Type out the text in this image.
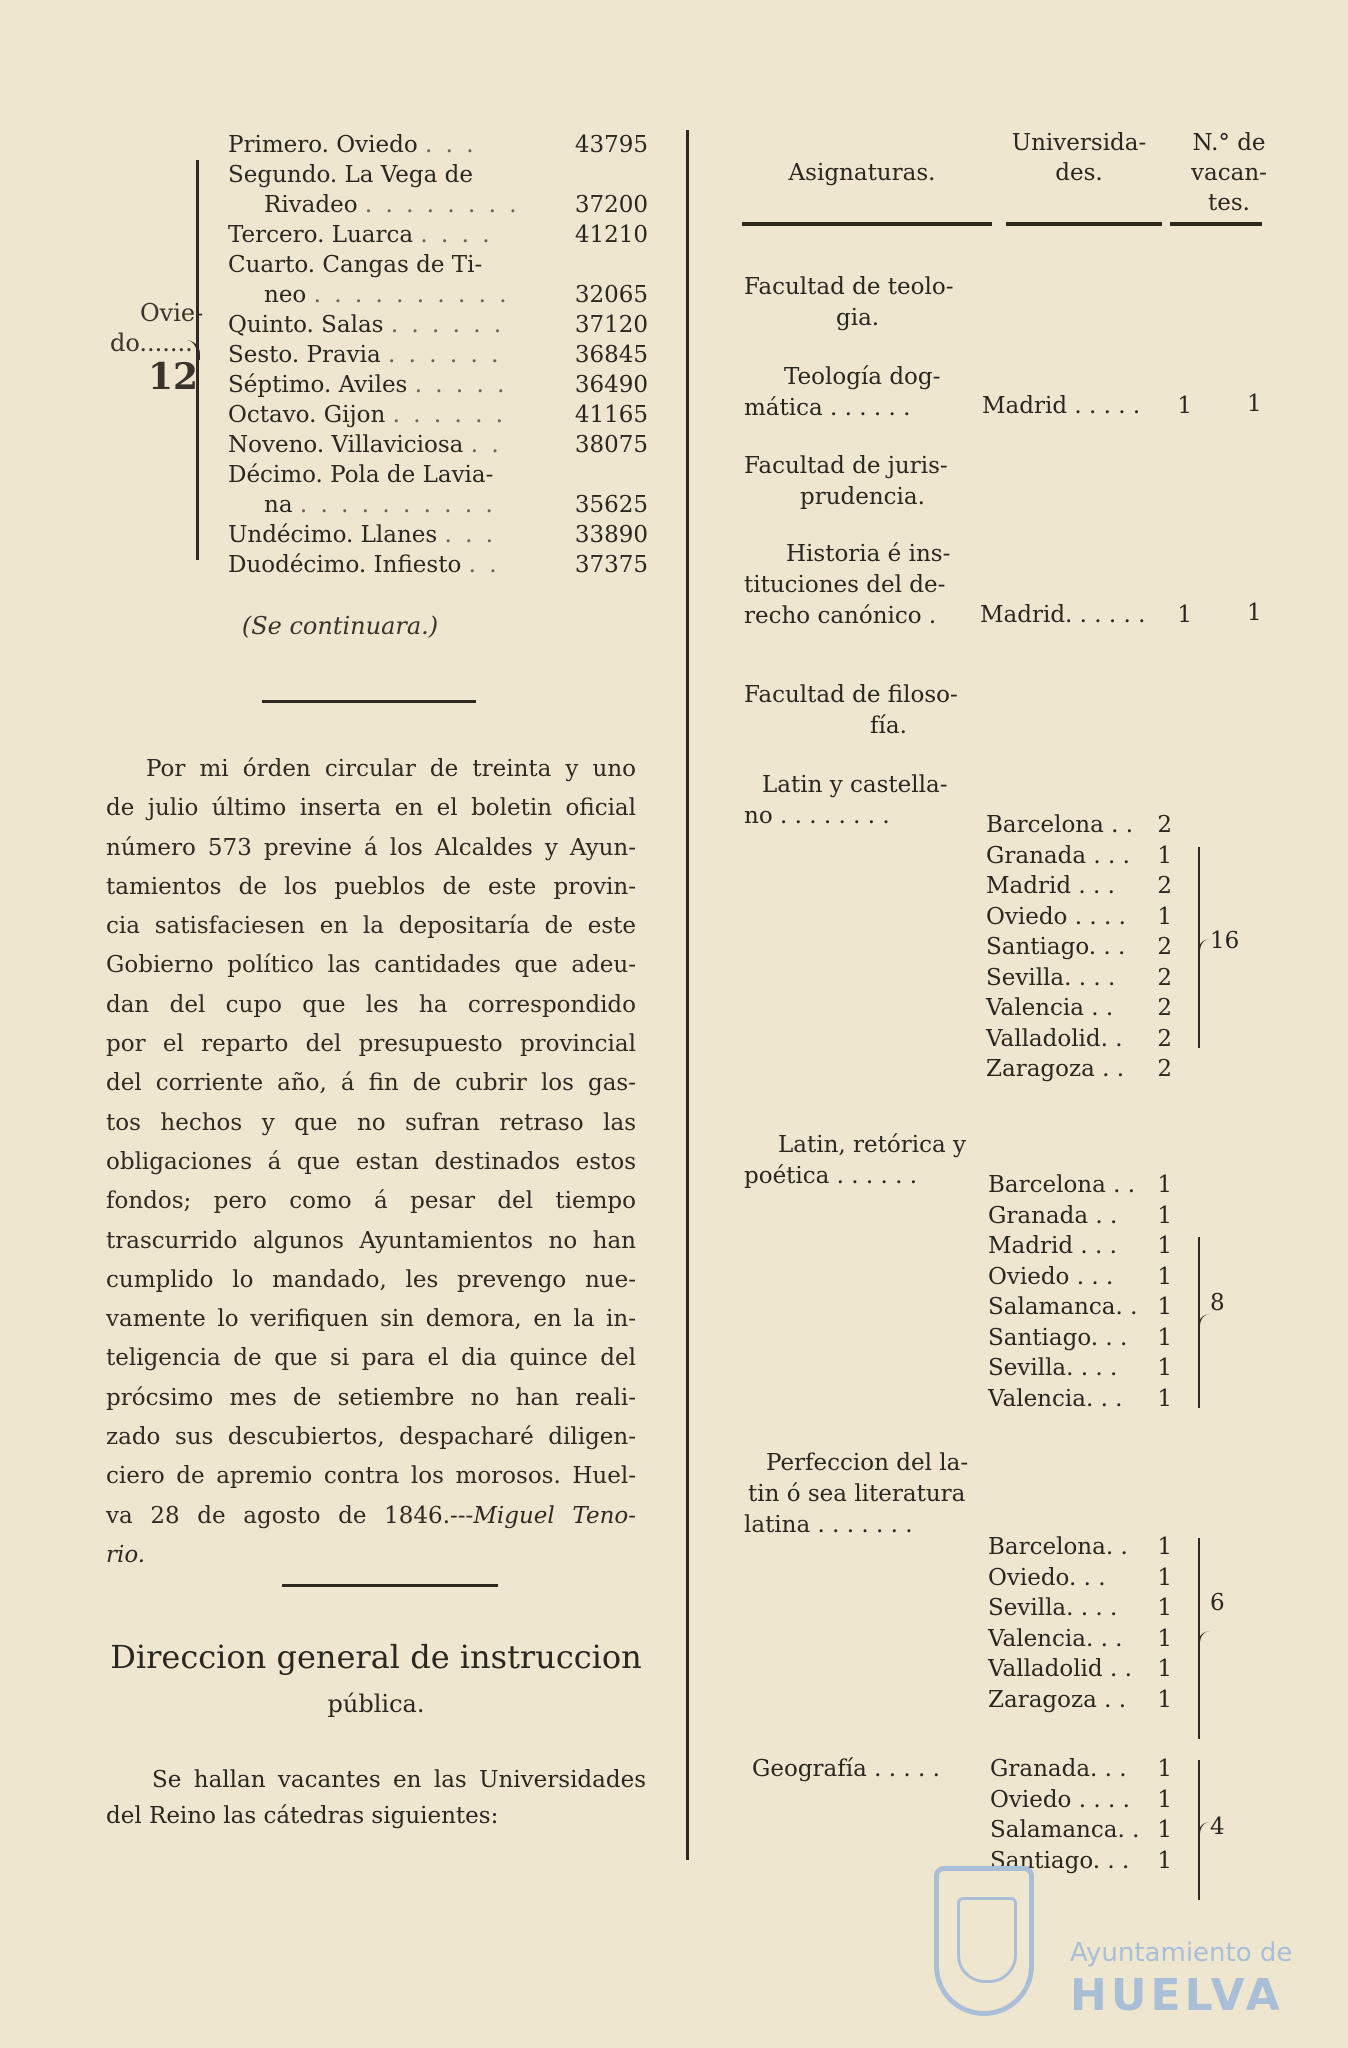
Ovie-
do.......
12
Primero. Oviedo . . .	43795
Segundo. La Vega de
Rivadeo . . . . . . . .	37200
Tercero. Luarca . . . .	41210
Cuarto. Cangas de Ti-
neo . . . . . . . . . .	32065
Quinto. Salas . . . . . .	37120
Sesto. Pravia . . . . . .	36845
Séptimo. Aviles . . . . .	36490
Octavo. Gijon . . . . . .	41165
Noveno. Villaviciosa . .	38075
Décimo. Pola de Lavia-
na . . . . . . . . . .	35625
Undécimo. Llanes . . .	33890
Duodécimo. Infiesto . .	37375
(Se continuara.)
Por mi órden circular de treinta y uno
de julio último inserta en el boletin oficial
número 573 previne á los Alcaldes y Ayun-
tamientos de los pueblos de este provin-
cia satisfaciesen en la depositaría de este
Gobierno político las cantidades que adeu-
dan del cupo que les ha correspondido
por el reparto del presupuesto provincial
del corriente año, á fin de cubrir los gas-
tos hechos y que no sufran retraso las
obligaciones á que estan destinados estos
fondos; pero como á pesar del tiempo
trascurrido algunos Ayuntamientos no han
cumplido lo mandado, les prevengo nue-
vamente lo verifiquen sin demora, en la in-
teligencia de que si para el dia quince del
prócsimo mes de setiembre no han reali-
zado sus descubiertos, despacharé diligen-
ciero de apremio contra los morosos. Huel-
va 28 de agosto de 1846.---Miguel Teno-
rio.
Direccion general de instruccion
pública.
Se hallan vacantes en las Universidades
del Reino las cátedras siguientes:
Asignaturas.
Universida-
des.
N.° de
vacan-
tes.
Facultad de teolo-
gia.
Teología dog-
mática . . . . . .	Madrid . . . . . 1 1
Facultad de juris-
prudencia.
Historia é ins-
tituciones del de-
recho canónico .	Madrid. . . . . . 1 1
Facultad de filoso-
fía.
Latin y castella-
no . . . . . . . .	Barcelona . . 2
Granada . . . 1
Madrid . . . 2
Oviedo . . . . 1
Santiago. . . 2
Sevilla. . . . 2
Valencia . . 2
Valladolid. . 2
Zaragoza . . 2
16
Latin, retórica y
poética . . . . . .	Barcelona . . 1
Granada . . 1
Madrid . . . 1
Oviedo . . . 1
Salamanca. . 1
Santiago. . . 1
Sevilla. . . . 1
Valencia. . . 1
8
Perfeccion del la-
tin ó sea literatura
latina . . . . . . .
Barcelona. . 1
Oviedo. . . 1
Sevilla. . . . 1
Valencia. . . 1
Valladolid . . 1
Zaragoza . . 1
6
Geografía . . . . . Granada. . . 1
Oviedo . . . . 1
Salamanca. . 1
Santiago. . . 1
4
Ayuntamiento de
HUELVA
